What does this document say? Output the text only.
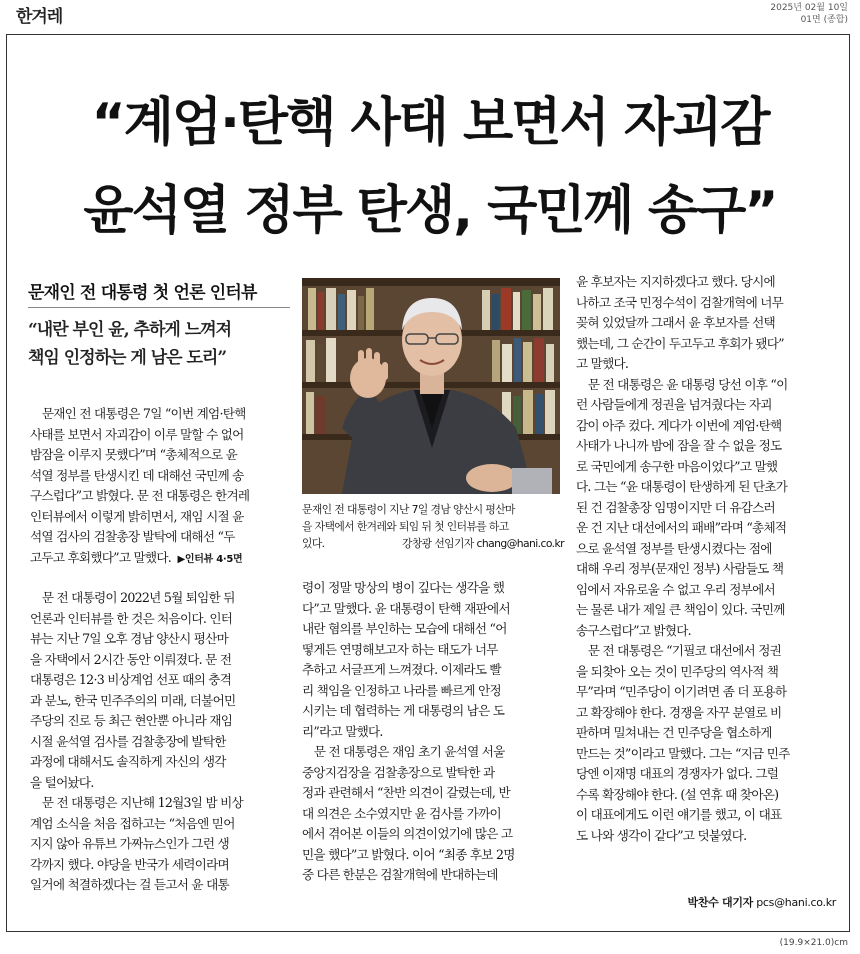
한겨레	2025년 02월 10일
01면 (종합)
“계엄·탄핵 사태 보면서 자괴감
윤석열 정부 탄생, 국민께 송구”
문재인 전 대통령 첫 언론 인터뷰
“내란 부인 윤, 추하게 느껴져
책임 인정하는 게 남은 도리”
　문재인 전 대통령은 7일 “이번 계엄·탄핵
사태를 보면서 자괴감이 이루 말할 수 없어
밤잠을 이루지 못했다”며 “총체적으로 윤
석열 정부를 탄생시킨 데 대해선 국민께 송
구스럽다”고 밝혔다. 문 전 대통령은 한겨레
인터뷰에서 이렇게 밝히면서, 재임 시절 윤
석열 검사의 검찰총장 발탁에 대해선 “두
고두고 후회했다”고 말했다. ▶인터뷰 4·5면
　문 전 대통령이 2022년 5월 퇴임한 뒤
언론과 인터뷰를 한 것은 처음이다. 인터
뷰는 지난 7일 오후 경남 양산시 평산마
을 자택에서 2시간 동안 이뤄졌다. 문 전
대통령은 12·3 비상계엄 선포 때의 충격
과 분노, 한국 민주주의의 미래, 더불어민
주당의 진로 등 최근 현안뿐 아니라 재임
시절 윤석열 검사를 검찰총장에 발탁한
과정에 대해서도 솔직하게 자신의 생각
을 털어놨다.
　문 전 대통령은 지난해 12월3일 밤 비상
계엄 소식을 처음 접하고는 “처음엔 믿어
지지 않아 유튜브 가짜뉴스인가 그런 생
각까지 했다. 야당을 반국가 세력이라며
일거에 척결하겠다는 걸 듣고서 윤 대통
문재인 전 대통령이 지난 7일 경남 양산시 평산마
을 자택에서 한겨레와 퇴임 뒤 첫 인터뷰를 하고
있다.	강창광 선임기자 chang@hani.co.kr
령이 정말 망상의 병이 깊다는 생각을 했
다”고 말했다. 윤 대통령이 탄핵 재판에서
내란 혐의를 부인하는 모습에 대해선 “어
떻게든 연명해보고자 하는 태도가 너무
추하고 서글프게 느껴졌다. 이제라도 빨
리 책임을 인정하고 나라를 빠르게 안정
시키는 데 협력하는 게 대통령의 남은 도
리”라고 말했다.
　문 전 대통령은 재임 초기 윤석열 서울
중앙지검장을 검찰총장으로 발탁한 과
정과 관련해서 “찬반 의견이 갈렸는데, 반
대 의견은 소수였지만 윤 검사를 가까이
에서 겪어본 이들의 의견이었기에 많은 고
민을 했다”고 밝혔다. 이어 “최종 후보 2명
중 다른 한분은 검찰개혁에 반대하는데
윤 후보자는 지지하겠다고 했다. 당시에
나하고 조국 민정수석이 검찰개혁에 너무
꽂혀 있었달까 그래서 윤 후보자를 선택
했는데, 그 순간이 두고두고 후회가 됐다”
고 말했다.
　문 전 대통령은 윤 대통령 당선 이후 “이
런 사람들에게 정권을 넘겨줬다는 자괴
감이 아주 컸다. 게다가 이번에 계엄·탄핵
사태가 나니까 밤에 잠을 잘 수 없을 정도
로 국민에게 송구한 마음이었다”고 말했
다. 그는 “윤 대통령이 탄생하게 된 단초가
된 건 검찰총장 임명이지만 더 유감스러
운 건 지난 대선에서의 패배”라며 “총체적
으로 윤석열 정부를 탄생시켰다는 점에
대해 우리 정부(문재인 정부) 사람들도 책
임에서 자유로울 수 없고 우리 정부에서
는 물론 내가 제일 큰 책임이 있다. 국민께
송구스럽다”고 밝혔다.
　문 전 대통령은 “기필코 대선에서 정권
을 되찾아 오는 것이 민주당의 역사적 책
무”라며 “민주당이 이기려면 좀 더 포용하
고 확장해야 한다. 경쟁을 자꾸 분열로 비
판하며 밀쳐내는 건 민주당을 협소하게
만드는 것”이라고 말했다. 그는 “지금 민주
당엔 이재명 대표의 경쟁자가 없다. 그럴
수록 확장해야 한다. (설 연휴 때 찾아온)
이 대표에게도 이런 얘기를 했고, 이 대표
도 나와 생각이 같다”고 덧붙였다.
박찬수 대기자 pcs@hani.co.kr
(19.9×21.0)cm
